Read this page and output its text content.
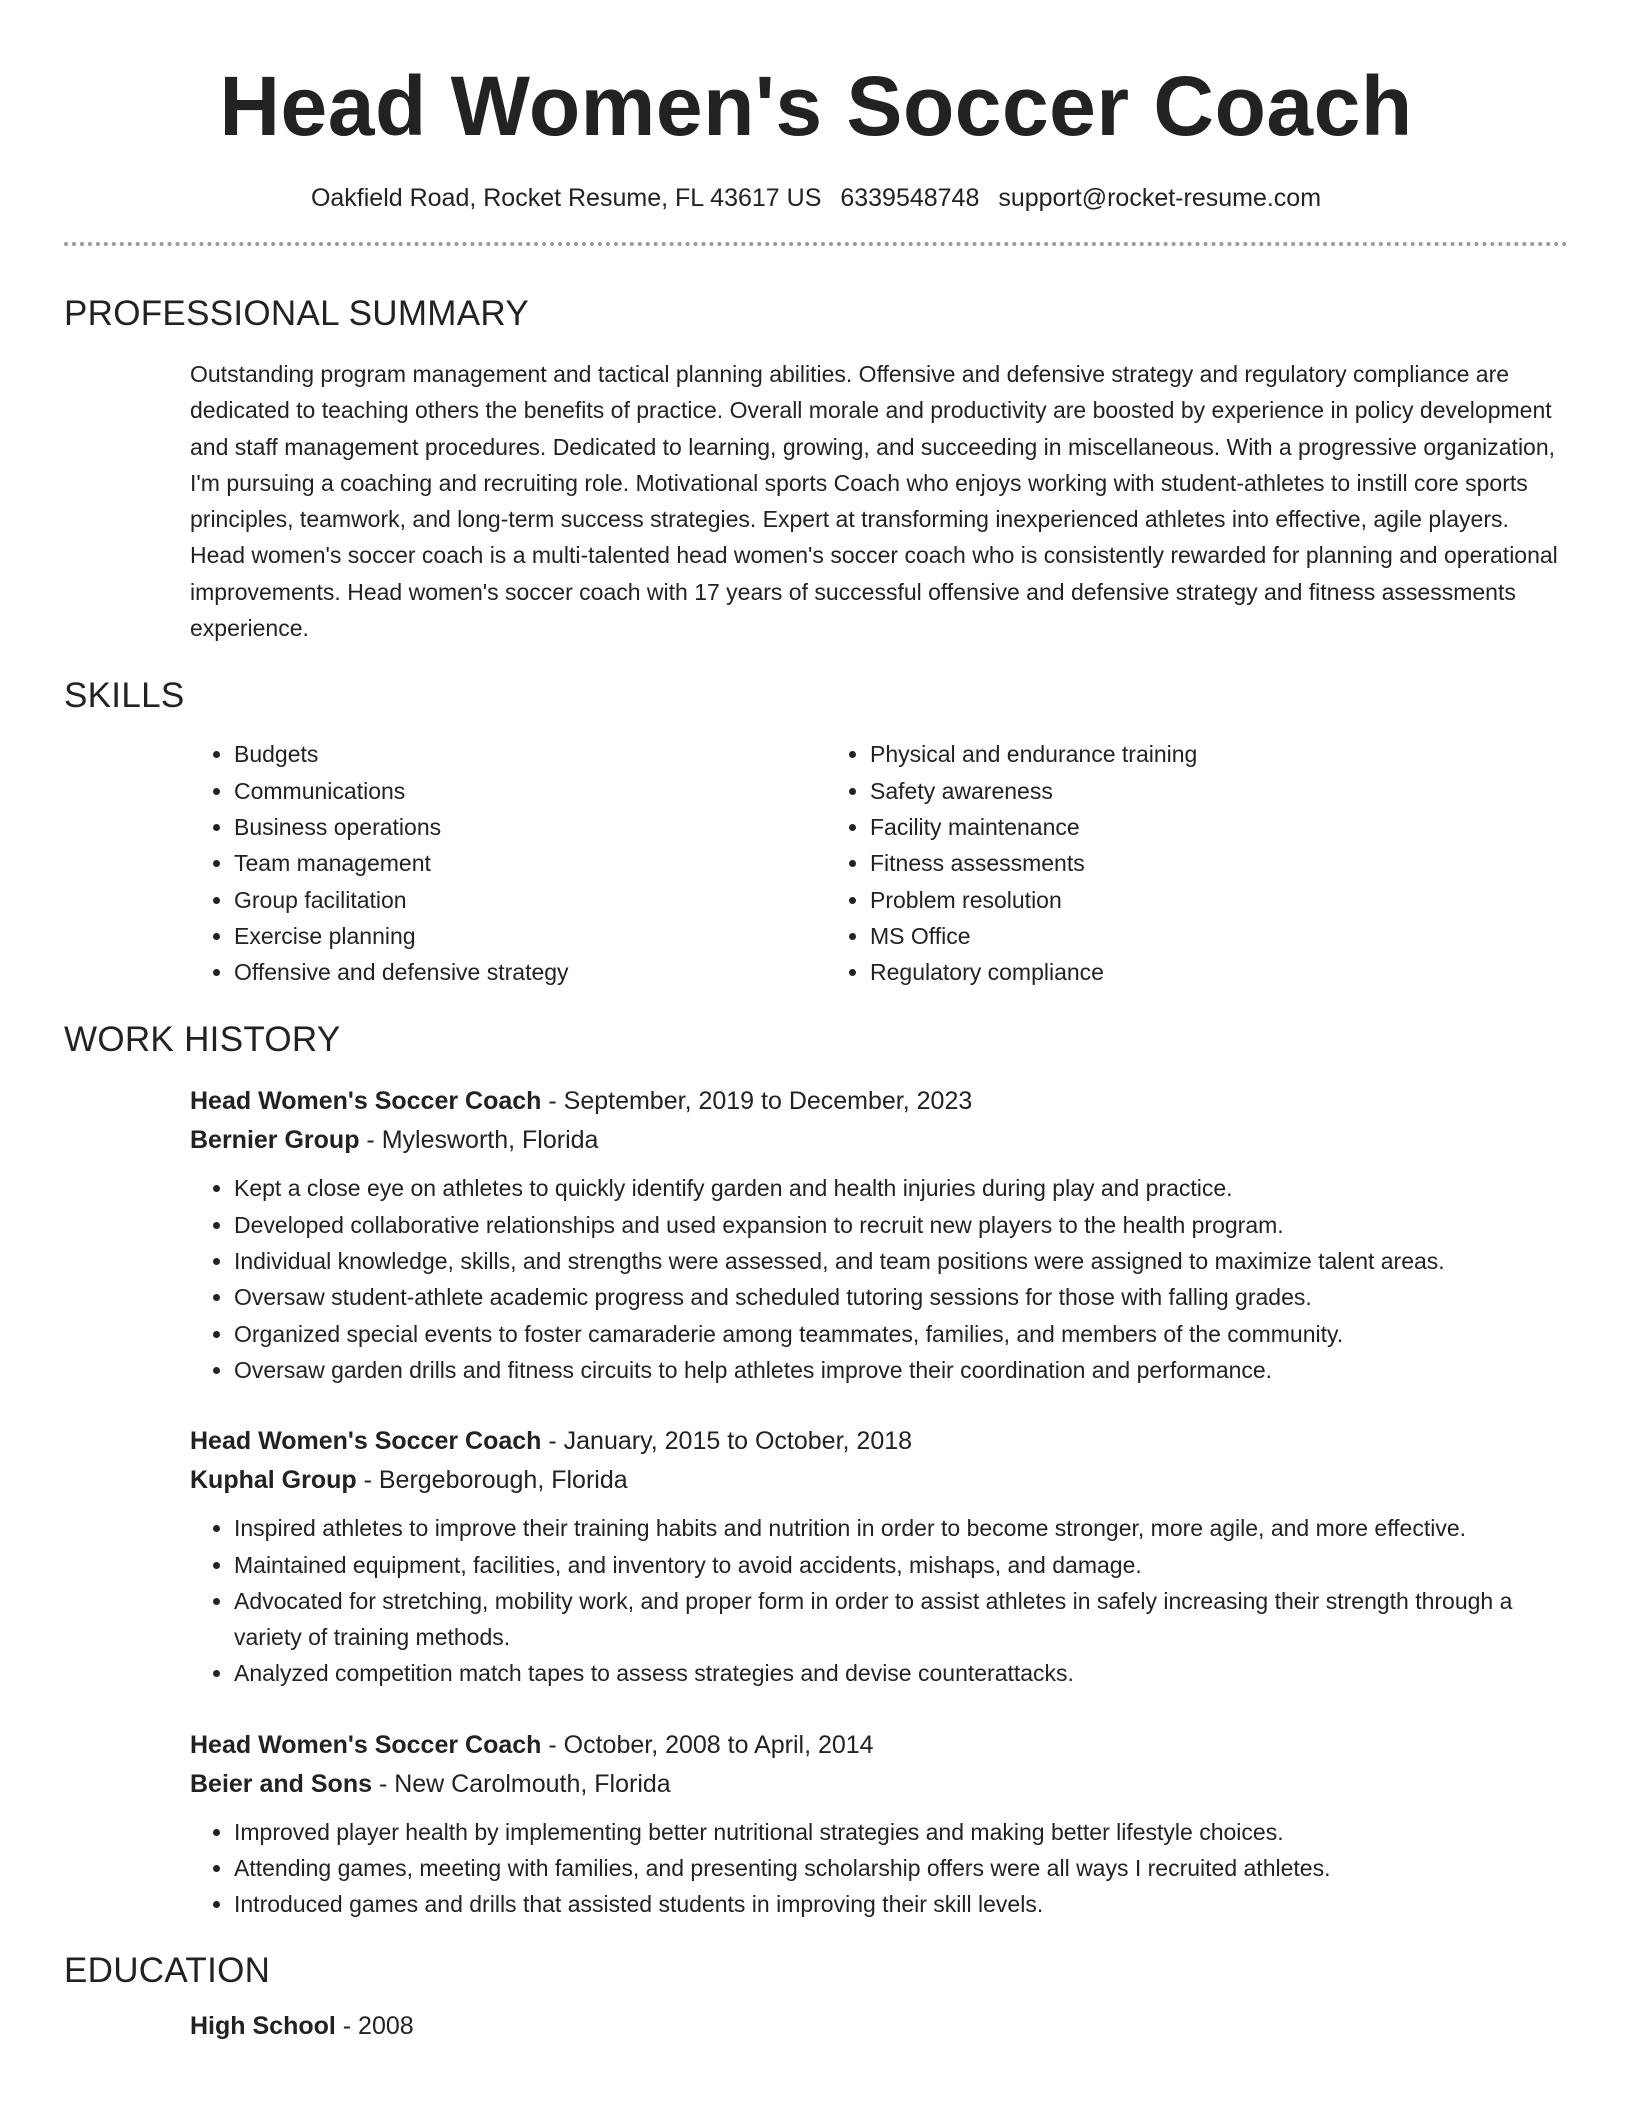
Head Women's Soccer Coach
Oakfield Road, Rocket Resume, FL 43617 US 6339548748 support@rocket-resume.com
PROFESSIONAL SUMMARY

Outstanding program management and tactical planning abilities. Offensive and defensive strategy and regulatory compliance are dedicated to teaching others the benefits of practice. Overall morale and productivity are boosted by experience in policy development and staff management procedures. Dedicated to learning, growing, and succeeding in miscellaneous. With a progressive organization, I'm pursuing a coaching and recruiting role. Motivational sports Coach who enjoys working with student-athletes to instill core sports principles, teamwork, and long-term success strategies. Expert at transforming inexperienced athletes into effective, agile players. Head women's soccer coach is a multi-talented head women's soccer coach who is consistently rewarded for planning and operational improvements. Head women's soccer coach with 17 years of successful offensive and defensive strategy and fitness assessments experience.

SKILLS
• Budgets
• Communications
• Business operations
• Team management
• Group facilitation
• Exercise planning
• Offensive and defensive strategy
• Physical and endurance training
• Safety awareness
• Facility maintenance
• Fitness assessments
• Problem resolution
• MS Office
• Regulatory compliance
WORK HISTORY
Head Women's Soccer Coach - September, 2019 to December, 2023
Bernier Group - Mylesworth, Florida
• Kept a close eye on athletes to quickly identify garden and health injuries during play and practice.
• Developed collaborative relationships and used expansion to recruit new players to the health program.
• Individual knowledge, skills, and strengths were assessed, and team positions were assigned to maximize talent areas.
• Oversaw student-athlete academic progress and scheduled tutoring sessions for those with falling grades.
• Organized special events to foster camaraderie among teammates, families, and members of the community.
• Oversaw garden drills and fitness circuits to help athletes improve their coordination and performance.
Head Women's Soccer Coach - January, 2015 to October, 2018
Kuphal Group - Bergeborough, Florida
• Inspired athletes to improve their training habits and nutrition in order to become stronger, more agile, and more effective.
• Maintained equipment, facilities, and inventory to avoid accidents, mishaps, and damage.
• Advocated for stretching, mobility work, and proper form in order to assist athletes in safely increasing their strength through a variety of training methods.
• Analyzed competition match tapes to assess strategies and devise counterattacks.
Head Women's Soccer Coach - October, 2008 to April, 2014
Beier and Sons - New Carolmouth, Florida
• Improved player health by implementing better nutritional strategies and making better lifestyle choices.
• Attending games, meeting with families, and presenting scholarship offers were all ways I recruited athletes.
• Introduced games and drills that assisted students in improving their skill levels.
EDUCATION
High School - 2008
